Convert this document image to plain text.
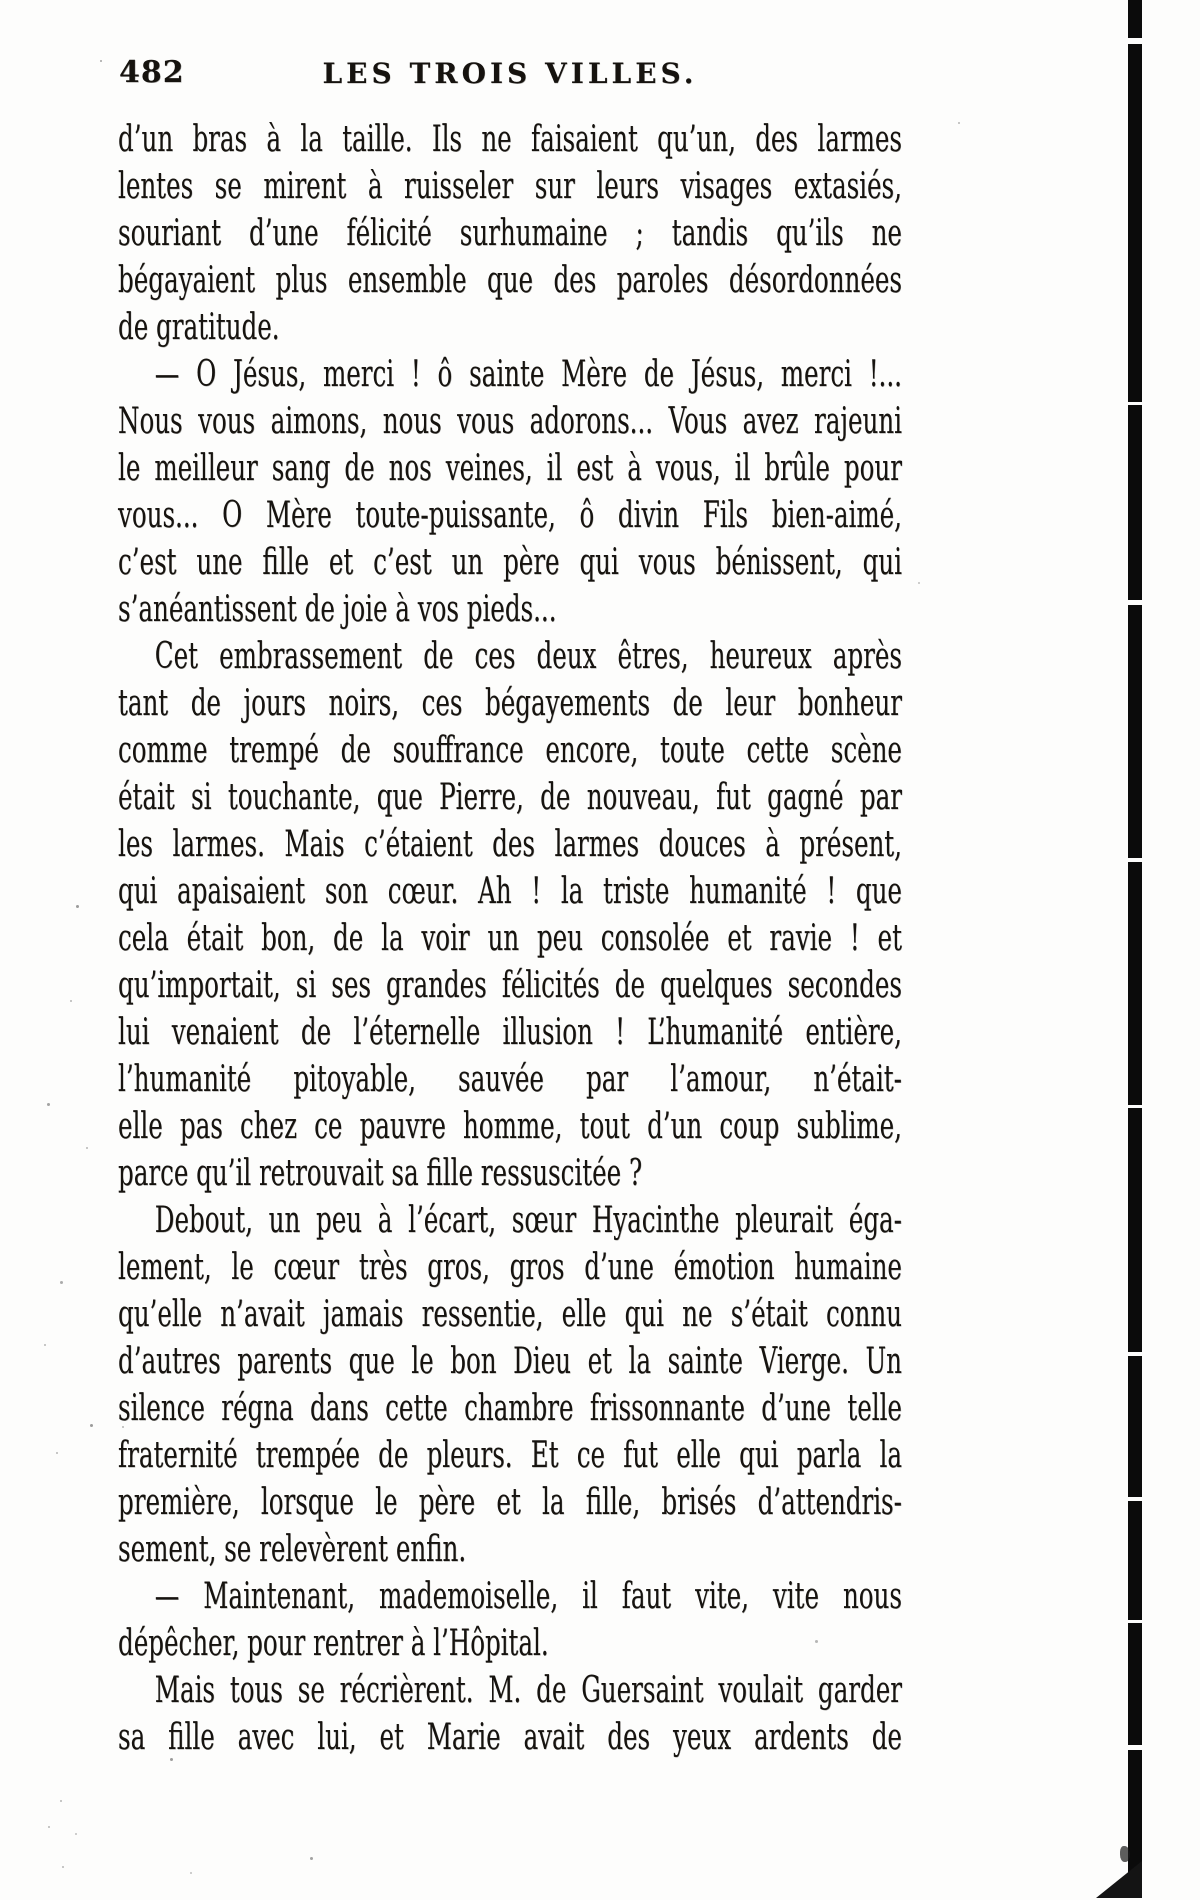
482	LES TROIS VILLES.
d’un bras à la taille. Ils ne faisaient qu’un, des larmes
lentes se mirent à ruisseler sur leurs visages extasiés,
souriant d’une félicité surhumaine ; tandis qu’ils ne
bégayaient plus ensemble que des paroles désordonnées
de gratitude.
— O Jésus, merci ! ô sainte Mère de Jésus, merci !...
Nous vous aimons, nous vous adorons... Vous avez rajeuni
le meilleur sang de nos veines, il est à vous, il brûle pour
vous... O Mère toute-puissante, ô divin Fils bien-aimé,
c’est une fille et c’est un père qui vous bénissent, qui
s’anéantissent de joie à vos pieds...
Cet embrassement de ces deux êtres, heureux après
tant de jours noirs, ces bégayements de leur bonheur
comme trempé de souffrance encore, toute cette scène
était si touchante, que Pierre, de nouveau, fut gagné par
les larmes. Mais c’étaient des larmes douces à présent,
qui apaisaient son cœur. Ah ! la triste humanité ! que
cela était bon, de la voir un peu consolée et ravie ! et
qu’importait, si ses grandes félicités de quelques secondes
lui venaient de l’éternelle illusion ! L’humanité entière,
l’humanité pitoyable, sauvée par l’amour, n’était-
elle pas chez ce pauvre homme, tout d’un coup sublime,
parce qu’il retrouvait sa fille ressuscitée ?
Debout, un peu à l’écart, sœur Hyacinthe pleurait éga-
lement, le cœur très gros, gros d’une émotion humaine
qu’elle n’avait jamais ressentie, elle qui ne s’était connu
d’autres parents que le bon Dieu et la sainte Vierge. Un
silence régna dans cette chambre frissonnante d’une telle
fraternité trempée de pleurs. Et ce fut elle qui parla la
première, lorsque le père et la fille, brisés d’attendris-
sement, se relevèrent enfin.
— Maintenant, mademoiselle, il faut vite, vite nous
dépêcher, pour rentrer à l’Hôpital.
Mais tous se récrièrent. M. de Guersaint voulait garder
sa fille avec lui, et Marie avait des yeux ardents de
